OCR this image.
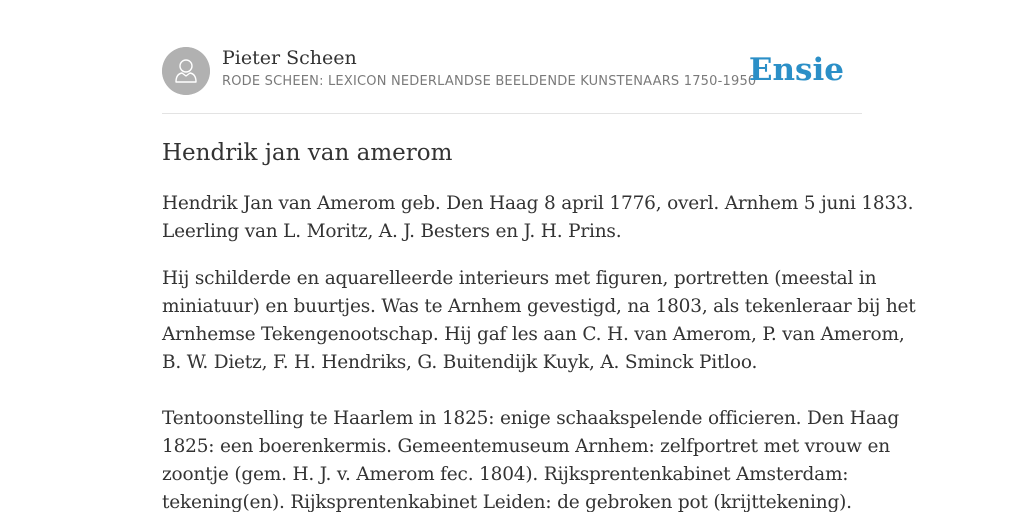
Pieter Scheen
RODE SCHEEN: LEXICON NEDERLANDSE BEELDENDE KUNSTENAARS 1750-1950
Ensie
Hendrik jan van amerom

Hendrik Jan van Amerom geb. Den Haag 8 april 1776, overl. Arnhem 5 juni 1833.
Leerling van L. Moritz, A. J. Besters en J. H. Prins.

Hij schilderde en aquarelleerde interieurs met figuren, portretten (meestal in
miniatuur) en buurtjes. Was te Arnhem gevestigd, na 1803, als tekenleraar bij het
Arnhemse Tekengenootschap. Hij gaf les aan C. H. van Amerom, P. van Amerom,
B. W. Dietz, F. H. Hendriks, G. Buitendijk Kuyk, A. Sminck Pitloo.

Tentoonstelling te Haarlem in 1825: enige schaakspelende officieren. Den Haag
1825: een boerenkermis. Gemeentemuseum Arnhem: zelfportret met vrouw en
zoontje (gem. H. J. v. Amerom fec. 1804). Rijksprentenkabinet Amsterdam:
tekening(en). Rijksprentenkabinet Leiden: de gebroken pot (krijttekening).
